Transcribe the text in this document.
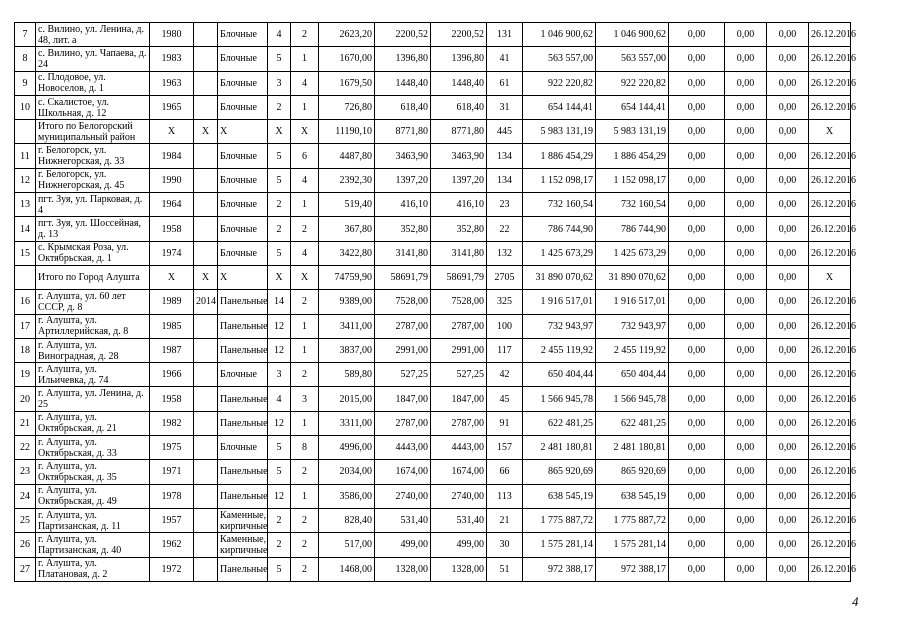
7	с. Вилино, ул. Ленина, д. 48, лит. а	1980		Блочные	4	2	2623,20	2200,52	2200,52	131	1 046 900,62	1 046 900,62	0,00	0,00	0,00	26.12.2016
8	с. Вилино, ул. Чапаева, д. 24	1983		Блочные	5	1	1670,00	1396,80	1396,80	41	563 557,00	563 557,00	0,00	0,00	0,00	26.12.2016
9	с. Плодовое, ул. Новоселов, д. 1	1963		Блочные	3	4	1679,50	1448,40	1448,40	61	922 220,82	922 220,82	0,00	0,00	0,00	26.12.2016
10	с. Скалистое, ул. Школьная, д. 12	1965		Блочные	2	1	726,80	618,40	618,40	31	654 144,41	654 144,41	0,00	0,00	0,00	26.12.2016
	Итого по Белогорский муниципальный район	X	X	X	X	X	11190,10	8771,80	8771,80	445	5 983 131,19	5 983 131,19	0,00	0,00	0,00	X
11	г. Белогорск, ул. Нижнегорская, д. 33	1984		Блочные	5	6	4487,80	3463,90	3463,90	134	1 886 454,29	1 886 454,29	0,00	0,00	0,00	26.12.2016
12	г. Белогорск, ул. Нижнегорская, д. 45	1990		Блочные	5	4	2392,30	1397,20	1397,20	134	1 152 098,17	1 152 098,17	0,00	0,00	0,00	26.12.2016
13	пгт. Зуя, ул. Парковая, д. 4	1964		Блочные	2	1	519,40	416,10	416,10	23	732 160,54	732 160,54	0,00	0,00	0,00	26.12.2016
14	пгт. Зуя, ул. Шоссейная, д. 13	1958		Блочные	2	2	367,80	352,80	352,80	22	786 744,90	786 744,90	0,00	0,00	0,00	26.12.2016
15	с. Крымская Роза, ул. Октябрьская, д. 1	1974		Блочные	5	4	3422,80	3141,80	3141,80	132	1 425 673,29	1 425 673,29	0,00	0,00	0,00	26.12.2016
	Итого по Город Алушта	X	X	X	X	X	74759,90	58691,79	58691,79	2705	31 890 070,62	31 890 070,62	0,00	0,00	0,00	X
16	г. Алушта, ул. 60 лет СССР, д. 8	1989	2014	Панельные	14	2	9389,00	7528,00	7528,00	325	1 916 517,01	1 916 517,01	0,00	0,00	0,00	26.12.2016
17	г. Алушта, ул. Артиллерийская, д. 8	1985		Панельные	12	1	3411,00	2787,00	2787,00	100	732 943,97	732 943,97	0,00	0,00	0,00	26.12.2016
18	г. Алушта, ул. Виноградная, д. 28	1987		Панельные	12	1	3837,00	2991,00	2991,00	117	2 455 119,92	2 455 119,92	0,00	0,00	0,00	26.12.2016
19	г. Алушта, ул. Ильичевка, д. 74	1966		Блочные	3	2	589,80	527,25	527,25	42	650 404,44	650 404,44	0,00	0,00	0,00	26.12.2016
20	г. Алушта, ул. Ленина, д. 25	1958		Панельные	4	3	2015,00	1847,00	1847,00	45	1 566 945,78	1 566 945,78	0,00	0,00	0,00	26.12.2016
21	г. Алушта, ул. Октябрьская, д. 21	1982		Панельные	12	1	3311,00	2787,00	2787,00	91	622 481,25	622 481,25	0,00	0,00	0,00	26.12.2016
22	г. Алушта, ул. Октябрьская, д. 33	1975		Блочные	5	8	4996,00	4443,00	4443,00	157	2 481 180,81	2 481 180,81	0,00	0,00	0,00	26.12.2016
23	г. Алушта, ул. Октябрьская, д. 35	1971		Панельные	5	2	2034,00	1674,00	1674,00	66	865 920,69	865 920,69	0,00	0,00	0,00	26.12.2016
24	г. Алушта, ул. Октябрьская, д. 49	1978		Панельные	12	1	3586,00	2740,00	2740,00	113	638 545,19	638 545,19	0,00	0,00	0,00	26.12.2016
25	г. Алушта, ул. Партизанская, д. 11	1957		Каменные, кирпичные	2	2	828,40	531,40	531,40	21	1 775 887,72	1 775 887,72	0,00	0,00	0,00	26.12.2016
26	г. Алушта, ул. Партизанская, д. 40	1962		Каменные, кирпичные	2	2	517,00	499,00	499,00	30	1 575 281,14	1 575 281,14	0,00	0,00	0,00	26.12.2016
27	г. Алушта, ул. Платановая, д. 2	1972		Панельные	5	2	1468,00	1328,00	1328,00	51	972 388,17	972 388,17	0,00	0,00	0,00	26.12.2016
4
